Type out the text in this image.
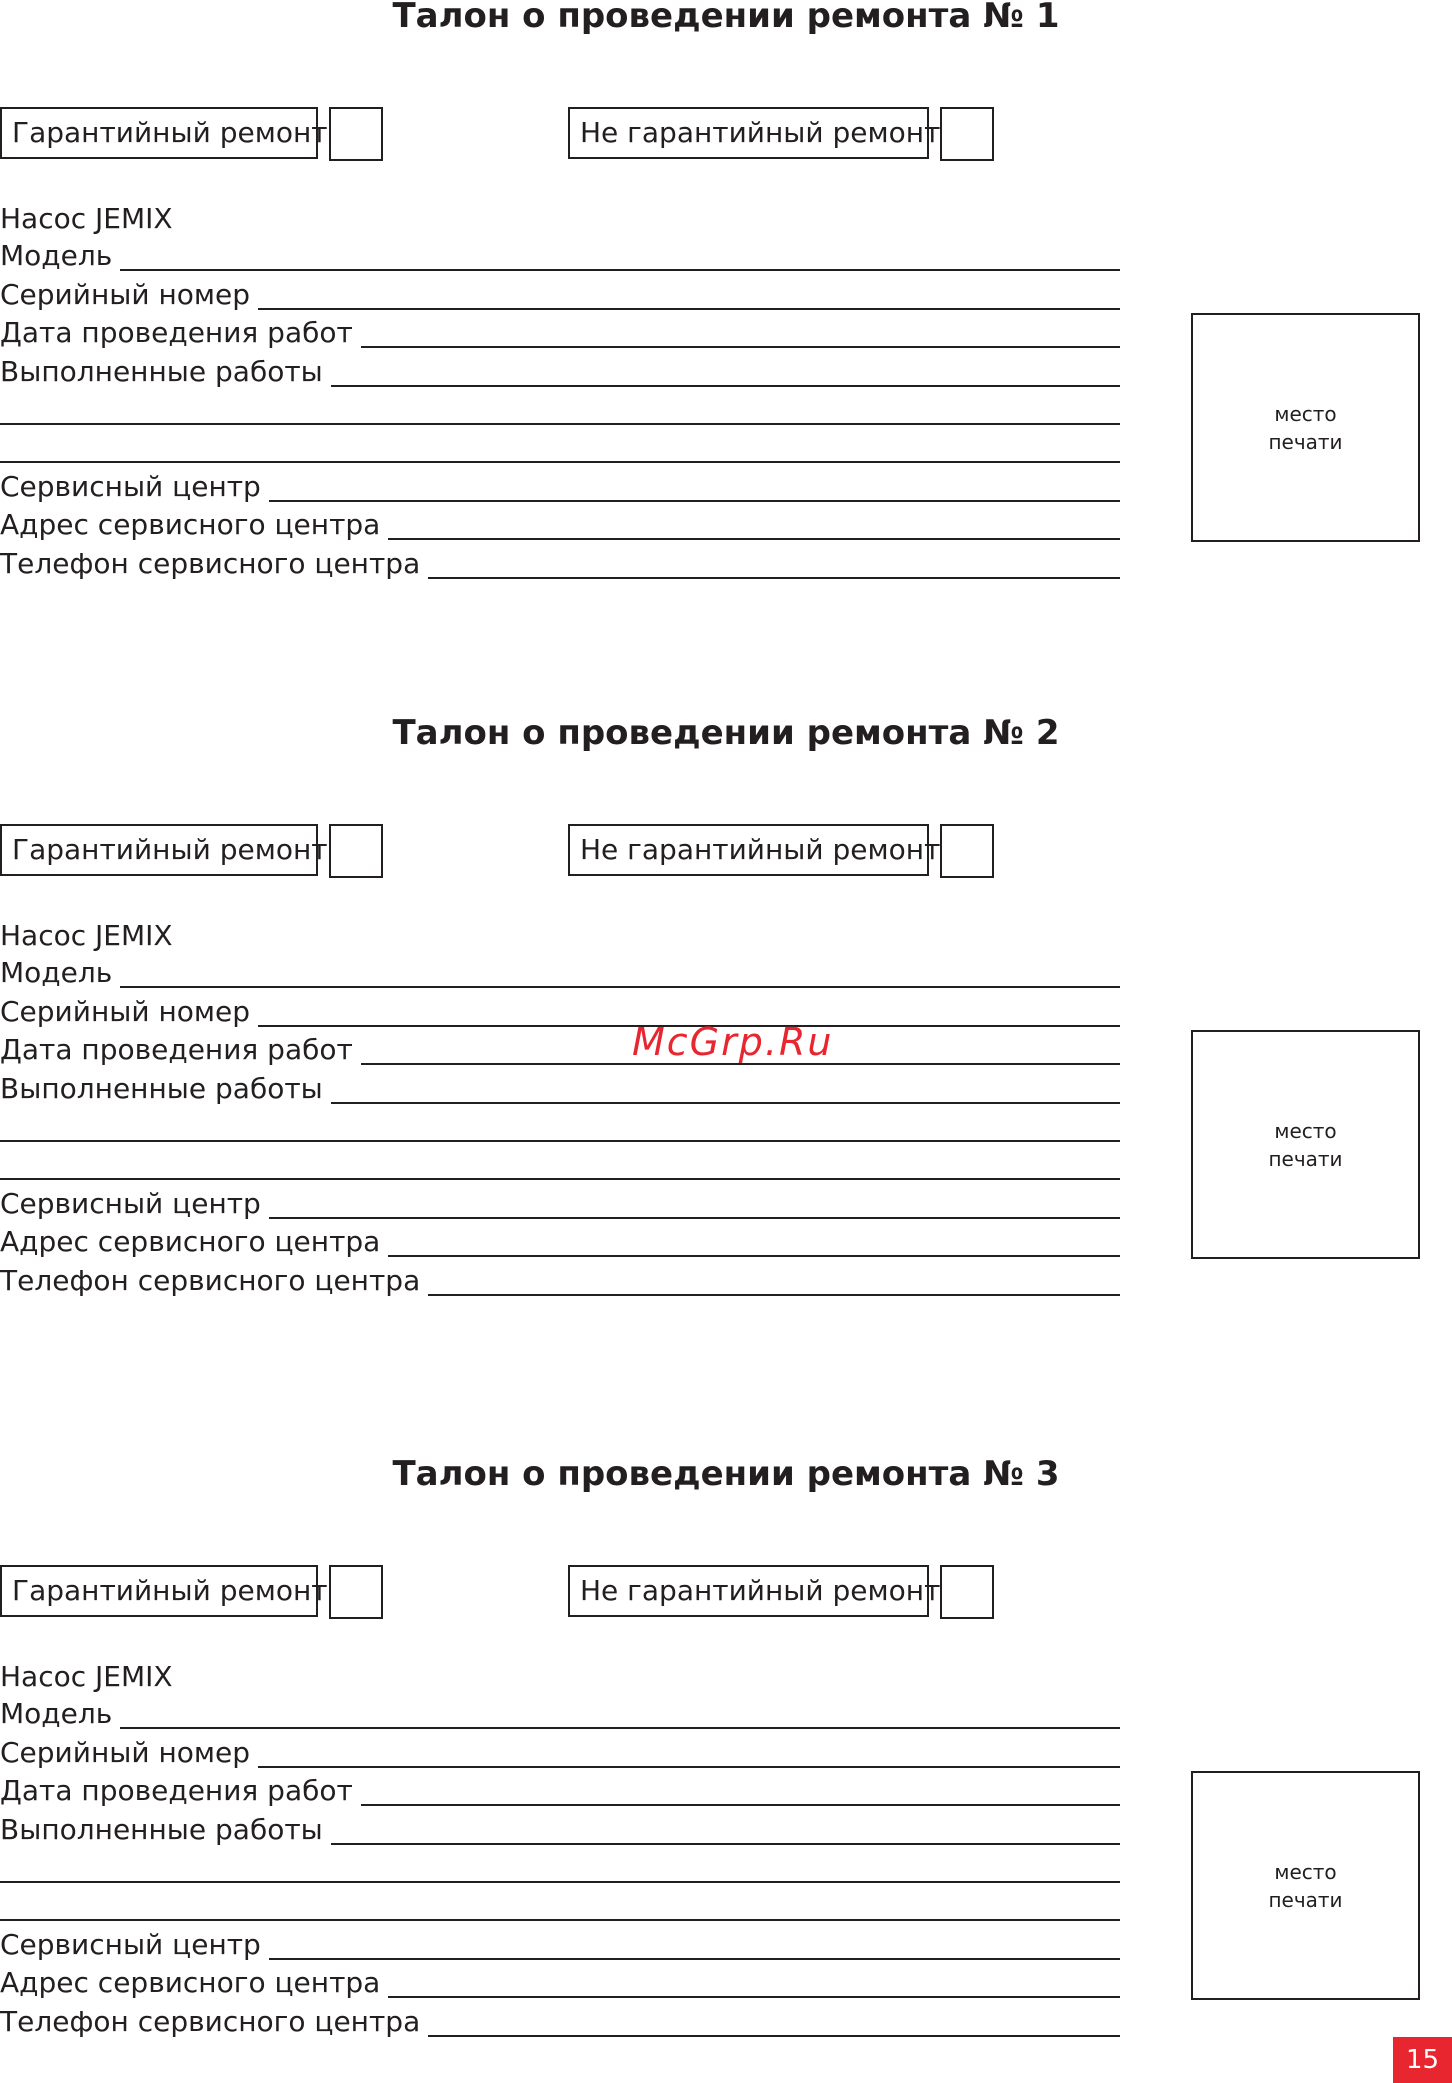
Талон о проведении ремонта № 1
Гарантийный ремонт	Не гарантийный ремонт
Насос JEMIX
Модель
Серийный номер
Дата проведения работ
Выполненные работы
Сервисный центр
Адрес сервисного центра
Телефон сервисного центра
место
печати
Талон о проведении ремонта № 2
Гарантийный ремонт	Не гарантийный ремонт
Насос JEMIX
Модель
Серийный номер
Дата проведения работ
Выполненные работы
Сервисный центр
Адрес сервисного центра
Телефон сервисного центра
место
печати
Талон о проведении ремонта № 3
Гарантийный ремонт	Не гарантийный ремонт
Насос JEMIX
Модель
Серийный номер
Дата проведения работ
Выполненные работы
Сервисный центр
Адрес сервисного центра
Телефон сервисного центра
место
печати
McGrp.Ru
15
